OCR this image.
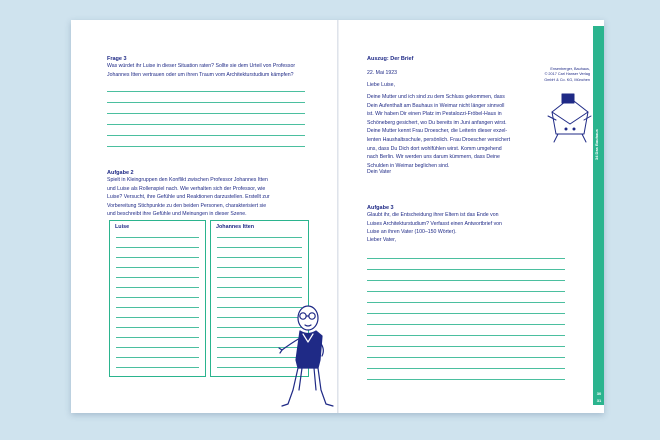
Frage 3
Was würdet ihr Luise in dieser Situation raten? Sollte sie dem Urteil von Professor
Johannes Itten vertrauen oder um ihren Traum vom Architekturstudium kämpfen?
Aufgabe 2
Spielt in Kleingruppen den Konflikt zwischen Professor Johannes Itten
und Luise als Rollenspiel nach. Wie verhalten sich der Professor, wie
Luise? Versucht, ihre Gefühle und Reaktionen darzustellen. Erstellt zur
Vorbereitung Stichpunkte zu den beiden Personen, charakterisiert sie
und beschreibt ihre Gefühle und Meinungen in dieser Szene.
Luise	Johannes Itten
Auszug: Der Brief
22. Mai 1923
Liebe Luise,
Deine Mutter und ich sind zu dem Schluss gekommen, dass
Dein Aufenthalt am Bauhaus in Weimar nicht länger sinnvoll
ist. Wir haben Dir einen Platz im Pestalozzi-Fröbel-Haus in
Schöneberg gesichert, wo Du bereits im Juni anfangen wirst.
Deine Mutter kennt Frau Droescher, die Leiterin dieser exzel-
lenten Haushaltsschule, persönlich. Frau Droescher versichert
uns, dass Du Dich dort wohlfühlen wirst. Komm umgehend
nach Berlin. Wir werden uns darum kümmern, dass Deine
Schulden in Weimar beglichen sind.
Dein Vater
Ensenberger, Bauhaus,
© 2017 Carl Hanser Verlag
GmbH & Co. KG, München
Aufgabe 3
Glaubt ihr, die Entscheidung ihrer Eltern ist das Ende von
Luises Architekturstudium? Verfasst einen Antwortbrief von
Luise an ihren Vater (100–150 Wörter).
Lieber Vater,
34 Das Bauhaus
30
31
